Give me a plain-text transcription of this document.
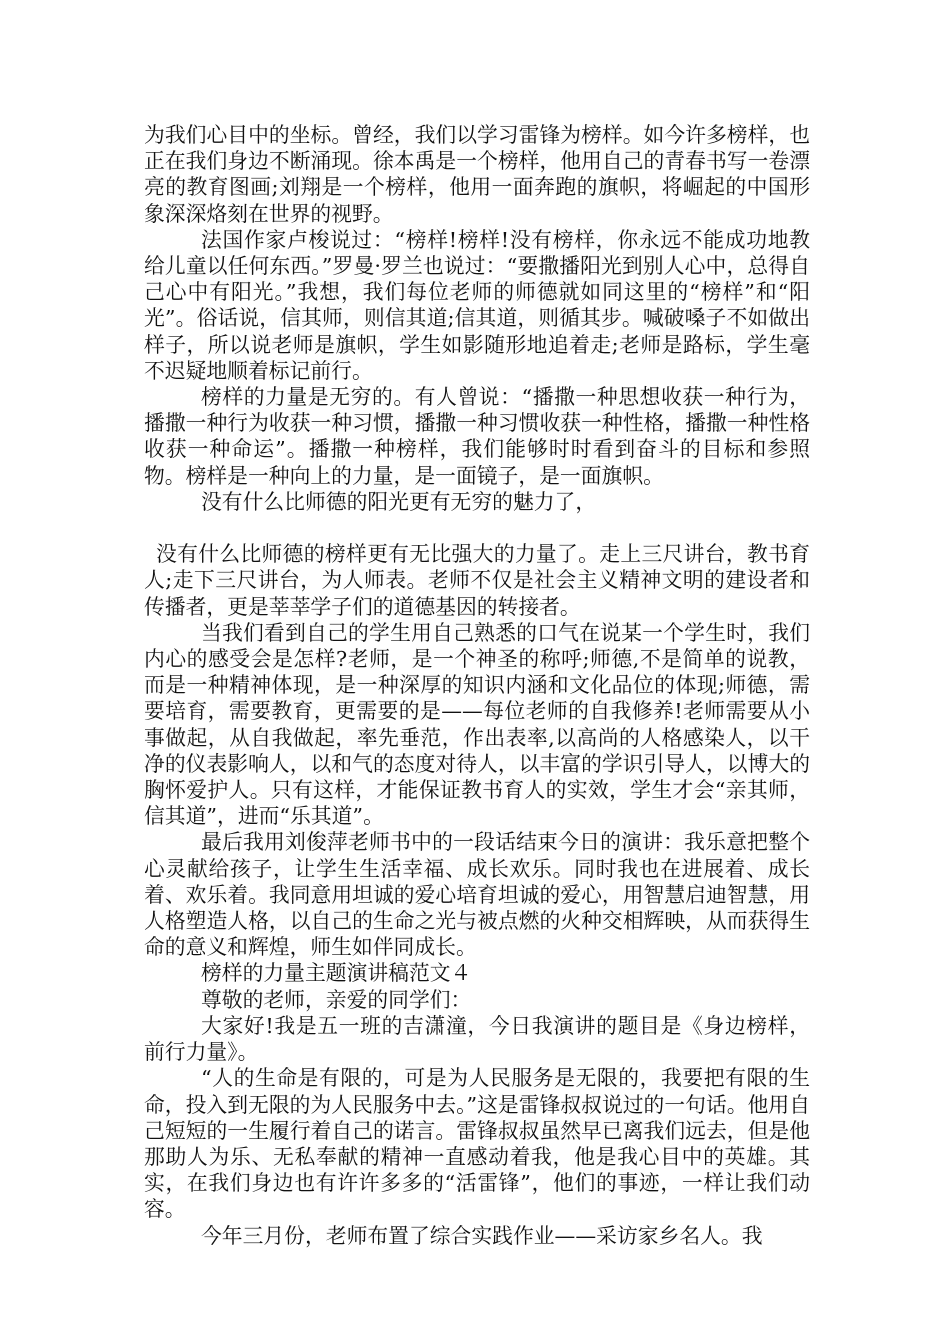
为我们心目中的坐标。曾经，我们以学习雷锋为榜样。如今许多榜样，也正在我们身边不断涌现。徐本禹是一个榜样，他用自己的青春书写一卷漂亮的教育图画;刘翔是一个榜样，他用一面奔跑的旗帜，将崛起的中国形象深深烙刻在世界的视野。

法国作家卢梭说过：“榜样!榜样!没有榜样，你永远不能成功地教给儿童以任何东西。”罗曼·罗兰也说过：“要撒播阳光到别人心中，总得自己心中有阳光。”我想，我们每位老师的师德就如同这里的“榜样”和“阳光”。俗话说，信其师，则信其道;信其道，则循其步。喊破嗓子不如做出样子，所以说老师是旗帜，学生如影随形地追着走;老师是路标，学生毫不迟疑地顺着标记前行。

榜样的力量是无穷的。有人曾说：“播撒一种思想收获一种行为，播撒一种行为收获一种习惯，播撒一种习惯收获一种性格，播撒一种性格收获一种命运”。播撒一种榜样，我们能够时时看到奋斗的目标和参照物。榜样是一种向上的力量，是一面镜子，是一面旗帜。

没有什么比师德的阳光更有无穷的魅力了，

没有什么比师德的榜样更有无比强大的力量了。走上三尺讲台，教书育人;走下三尺讲台，为人师表。老师不仅是社会主义精神文明的建设者和传播者，更是莘莘学子们的道德基因的转接者。

当我们看到自己的学生用自己熟悉的口气在说某一个学生时，我们内心的感受会是怎样?老师，是一个神圣的称呼;师德,不是简单的说教，而是一种精神体现，是一种深厚的知识内涵和文化品位的体现;师德，需要培育，需要教育，更需要的是——每位老师的自我修养!老师需要从小事做起，从自我做起，率先垂范，作出表率,以高尚的人格感染人，以干净的仪表影响人，以和气的态度对待人，以丰富的学识引导人，以博大的胸怀爱护人。只有这样，才能保证教书育人的实效，学生才会“亲其师，信其道”，进而“乐其道”。

最后我用刘俊萍老师书中的一段话结束今日的演讲：我乐意把整个心灵献给孩子，让学生生活幸福、成长欢乐。同时我也在进展着、成长着、欢乐着。我同意用坦诚的爱心培育坦诚的爱心，用智慧启迪智慧，用人格塑造人格，以自己的生命之光与被点燃的火种交相辉映，从而获得生命的意义和辉煌，师生如伴同成长。

榜样的力量主题演讲稿范文４

尊敬的老师，亲爱的同学们：

大家好!我是五一班的吉潇潼，今日我演讲的题目是《身边榜样，前行力量》。

“人的生命是有限的，可是为人民服务是无限的，我要把有限的生命，投入到无限的为人民服务中去。”这是雷锋叔叔说过的一句话。他用自己短短的一生履行着自己的诺言。雷锋叔叔虽然早已离我们远去，但是他那助人为乐、无私奉献的精神一直感动着我，他是我心目中的英雄。其实，在我们身边也有许许多多的“活雷锋”，他们的事迹，一样让我们动容。

今年三月份，老师布置了综合实践作业——采访家乡名人。我
